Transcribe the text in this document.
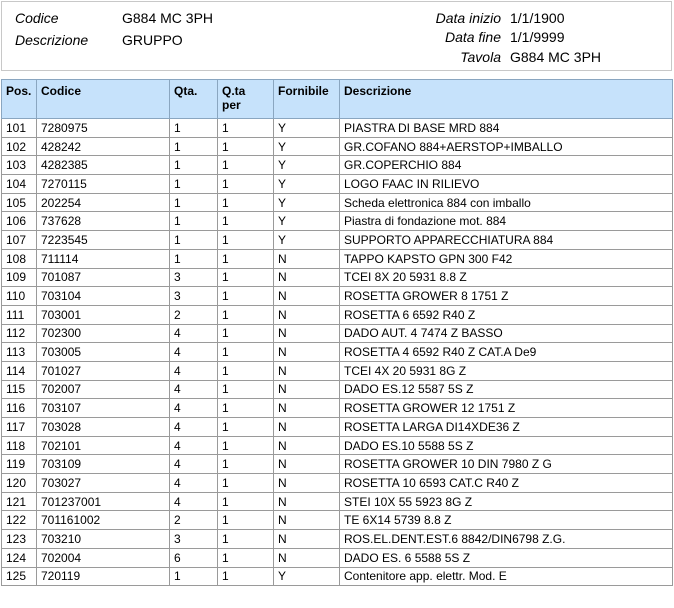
Codice	G884 MC 3PH
Descrizione GRUPPO
Data inizio 1/1/1900
Data fine 1/1/9999
Tavola G884 MC 3PH
Pos.	Codice	Qta.	Q.ta
per	Fornibile	Descrizione
101	7280975	1	1	Y	PIASTRA DI BASE MRD 884
102	428242	1	1	Y	GR.COFANO 884+AERSTOP+IMBALLO
103	4282385	1	1	Y	GR.COPERCHIO 884
104	7270115	1	1	Y	LOGO FAAC IN RILIEVO
105	202254	1	1	Y	Scheda elettronica 884 con imballo
106	737628	1	1	Y	Piastra di fondazione mot. 884
107	7223545	1	1	Y	SUPPORTO APPARECCHIATURA 884
108	711114	1	1	N	TAPPO KAPSTO GPN 300 F42
109	701087	3	1	N	TCEI 8X 20 5931 8.8 Z
110	703104	3	1	N	ROSETTA GROWER 8 1751 Z
111	703001	2	1	N	ROSETTA 6 6592 R40 Z
112	702300	4	1	N	DADO AUT. 4 7474 Z BASSO
113	703005	4	1	N	ROSETTA 4 6592 R40 Z CAT.A De9
114	701027	4	1	N	TCEI 4X 20 5931 8G Z
115	702007	4	1	N	DADO ES.12 5587 5S Z
116	703107	4	1	N	ROSETTA GROWER 12 1751 Z
117	703028	4	1	N	ROSETTA LARGA DI14XDE36 Z
118	702101	4	1	N	DADO ES.10 5588 5S Z
119	703109	4	1	N	ROSETTA GROWER 10 DIN 7980 Z G
120	703027	4	1	N	ROSETTA 10 6593 CAT.C R40 Z
121	701237001	4	1	N	STEI 10X 55 5923 8G Z
122	701161002	2	1	N	TE 6X14 5739 8.8 Z
123	703210	3	1	N	ROS.EL.DENT.EST.6 8842/DIN6798 Z.G.
124	702004	6	1	N	DADO ES. 6 5588 5S Z
125	720119	1	1	Y	Contenitore app. elettr. Mod. E
